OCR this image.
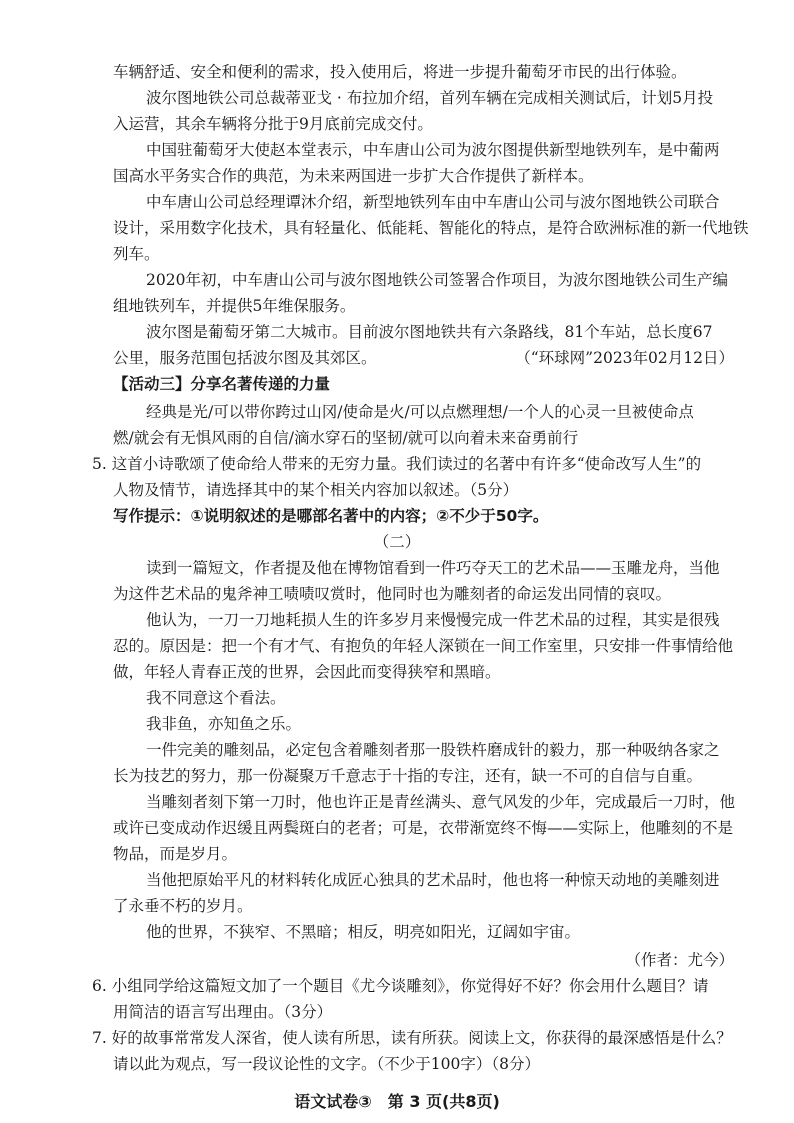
车辆舒适、安全和便利的需求，投入使用后，将进一步提升葡萄牙市民的出行体验。
波尔图地铁公司总裁蒂亚戈 · 布拉加介绍，首列车辆在完成相关测试后，计划5月投
入运营，其余车辆将分批于9月底前完成交付。
中国驻葡萄牙大使赵本堂表示，中车唐山公司为波尔图提供新型地铁列车，是中葡两
国高水平务实合作的典范，为未来两国进一步扩大合作提供了新样本。
中车唐山公司总经理谭沐介绍，新型地铁列车由中车唐山公司与波尔图地铁公司联合
设计，采用数字化技术，具有轻量化、低能耗、智能化的特点，是符合欧洲标准的新一代地铁
列车。
2020年初，中车唐山公司与波尔图地铁公司签署合作项目，为波尔图地铁公司生产编
组地铁列车，并提供5年维保服务。
波尔图是葡萄牙第二大城市。目前波尔图地铁共有六条路线，81个车站，总长度67
公里，服务范围包括波尔图及其郊区。	（“环球网”2023年02月12日）
【活动三】分享名著传递的力量
经典是光/可以带你跨过山冈/使命是火/可以点燃理想/一个人的心灵一旦被使命点
燃/就会有无惧风雨的自信/滴水穿石的坚韧/就可以向着未来奋勇前行
5. 这首小诗歌颂了使命给人带来的无穷力量。我们读过的名著中有许多“使命改写人生”的
人物及情节，请选择其中的某个相关内容加以叙述。（5分）
写作提示：①说明叙述的是哪部名著中的内容；②不少于50字。
（二）
读到一篇短文，作者提及他在博物馆看到一件巧夺天工的艺术品——玉雕龙舟，当他
为这件艺术品的鬼斧神工啧啧叹赏时，他同时也为雕刻者的命运发出同情的哀叹。
他认为，一刀一刀地耗损人生的许多岁月来慢慢完成一件艺术品的过程，其实是很残
忍的。原因是：把一个有才气、有抱负的年轻人深锁在一间工作室里，只安排一件事情给他
做，年轻人青春正茂的世界，会因此而变得狭窄和黑暗。
我不同意这个看法。
我非鱼，亦知鱼之乐。
一件完美的雕刻品，必定包含着雕刻者那一股铁杵磨成针的毅力，那一种吸纳各家之
长为技艺的努力，那一份凝聚万千意志于十指的专注，还有，缺一不可的自信与自重。
当雕刻者刻下第一刀时，他也许正是青丝满头、意气风发的少年，完成最后一刀时，他
或许已变成动作迟缓且两鬓斑白的老者；可是，衣带渐宽终不悔——实际上，他雕刻的不是
物品，而是岁月。
当他把原始平凡的材料转化成匠心独具的艺术品时，他也将一种惊天动地的美雕刻进
了永垂不朽的岁月。
他的世界，不狭窄、不黑暗；相反，明亮如阳光，辽阔如宇宙。
（作者：尤今）
6. 小组同学给这篇短文加了一个题目《尤今谈雕刻》，你觉得好不好？你会用什么题目？请
用简洁的语言写出理由。（3分）
7. 好的故事常常发人深省，使人读有所思，读有所获。阅读上文，你获得的最深感悟是什么？
请以此为观点，写一段议论性的文字。（不少于100字）（8分）
语文试卷③　第 3 页(共8页)
